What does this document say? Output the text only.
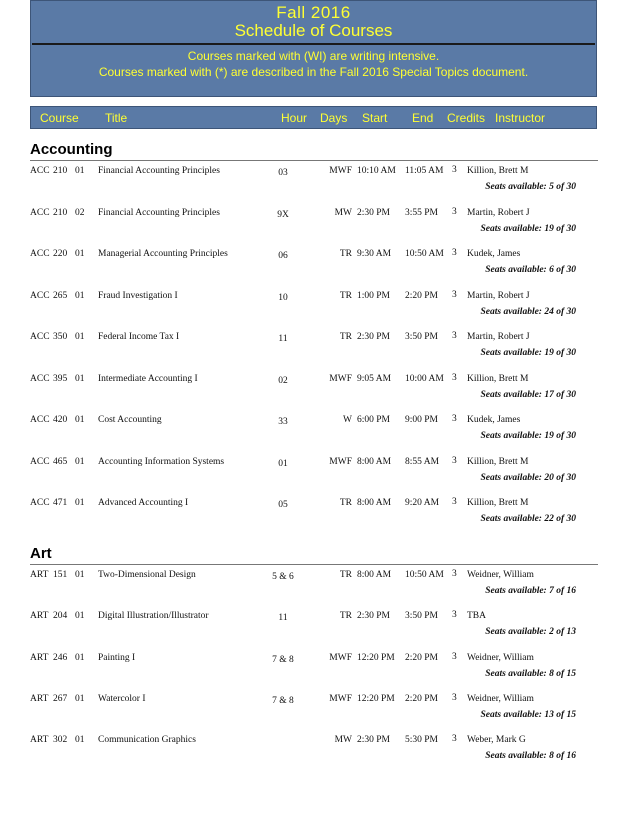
Fall 2016
Schedule of Courses
Courses marked with (WI) are writing intensive.
Courses marked with (*) are described in the Fall 2016 Special Topics document.
Course Title	Hour Days Start End Credits Instructor
Accounting
ACC 210 01 Financial Accounting Principles	03	MWF 10:10 AM 11:05 AM 3 Killion, Brett M
Seats available: 5 of 30
ACC 210 02 Financial Accounting Principles	9X	MW 2:30 PM 3:55 PM 3 Martin, Robert J
Seats available: 19 of 30
ACC 220 01 Managerial Accounting Principles	06	TR 9:30 AM 10:50 AM 3 Kudek, James
Seats available: 6 of 30
ACC 265 01 Fraud Investigation I	10	TR 1:00 PM 2:20 PM 3 Martin, Robert J
Seats available: 24 of 30
ACC 350 01 Federal Income Tax I	11	TR 2:30 PM 3:50 PM 3 Martin, Robert J
Seats available: 19 of 30
ACC 395 01 Intermediate Accounting I	02	MWF 9:05 AM 10:00 AM 3 Killion, Brett M
Seats available: 17 of 30
ACC 420 01 Cost Accounting	33	W 6:00 PM 9:00 PM 3 Kudek, James
Seats available: 19 of 30
ACC 465 01 Accounting Information Systems	01	MWF 8:00 AM 8:55 AM 3 Killion, Brett M
Seats available: 20 of 30
ACC 471 01 Advanced Accounting I	05	TR 8:00 AM 9:20 AM 3 Killion, Brett M
Seats available: 22 of 30
Art
ART 151 01 Two-Dimensional Design	5 & 6	TR 8:00 AM 10:50 AM 3 Weidner, William
Seats available: 7 of 16
ART 204 01 Digital Illustration/Illustrator	11	TR 2:30 PM 3:50 PM 3 TBA
Seats available: 2 of 13
ART 246 01 Painting I	7 & 8	MWF 12:20 PM 2:20 PM 3 Weidner, William
Seats available: 8 of 15
ART 267 01 Watercolor I	7 & 8	MWF 12:20 PM 2:20 PM 3 Weidner, William
Seats available: 13 of 15
ART 302 01 Communication Graphics	MW 2:30 PM 5:30 PM 3 Weber, Mark G
Seats available: 8 of 16
